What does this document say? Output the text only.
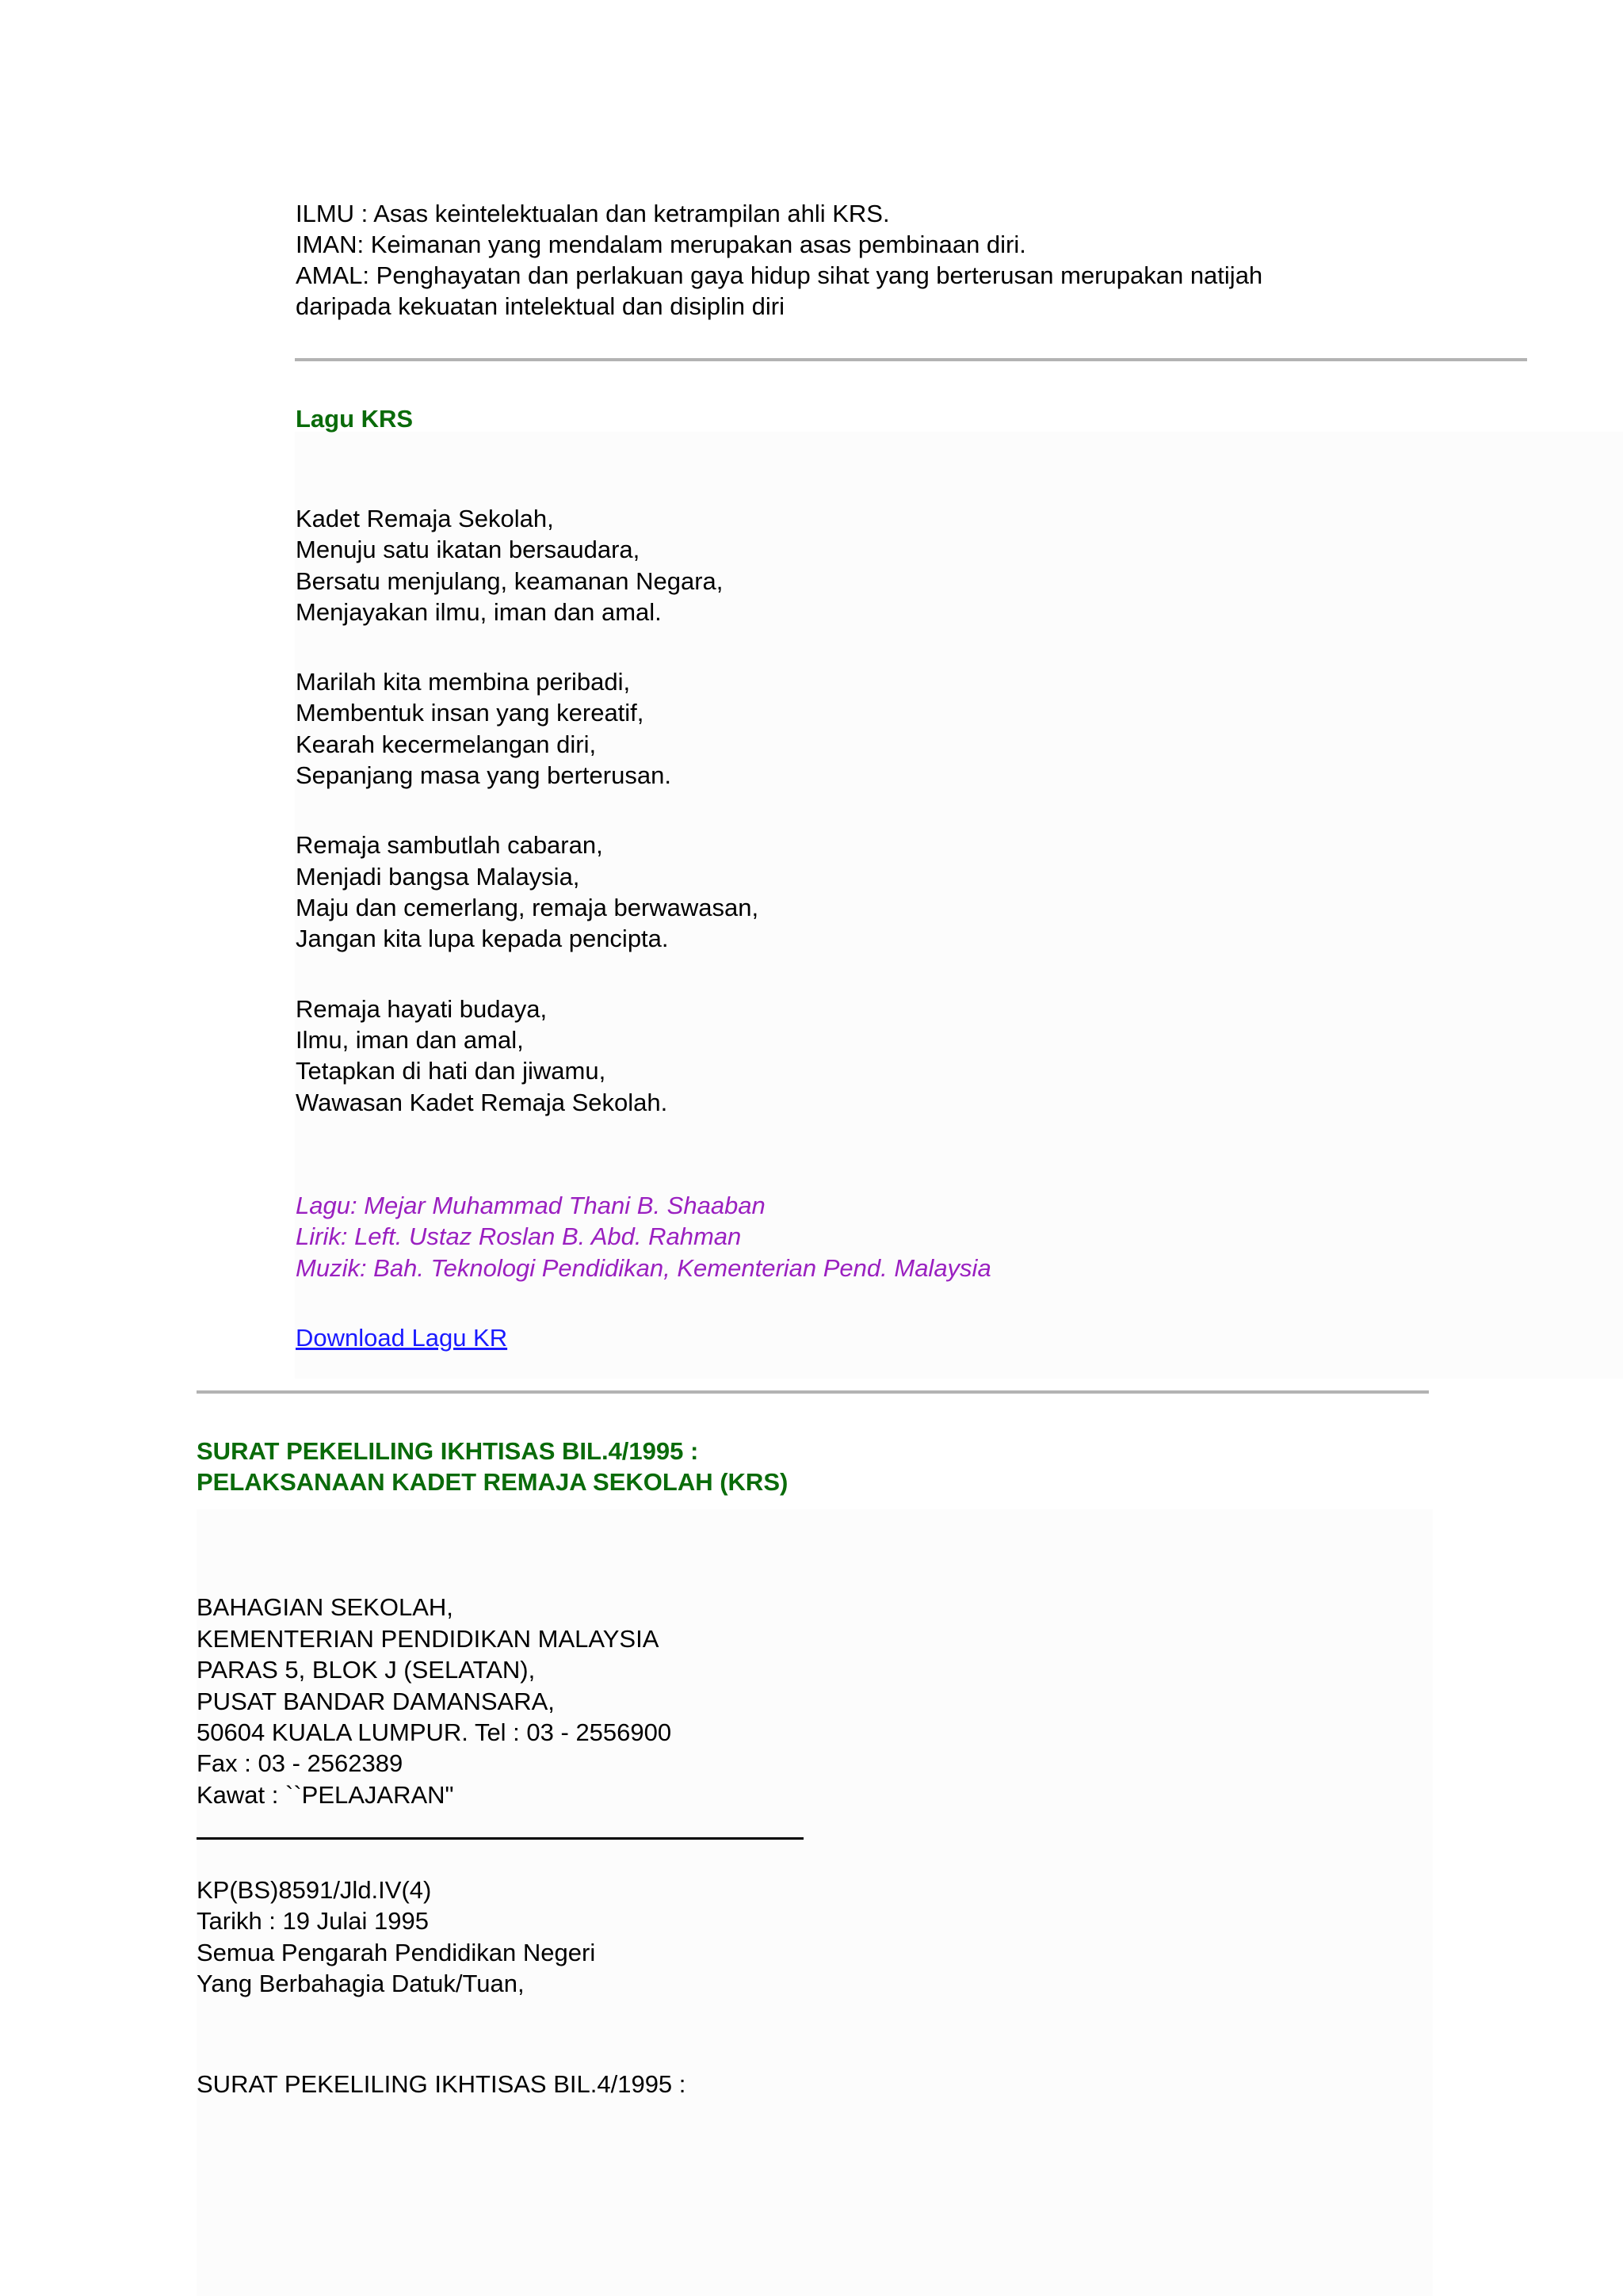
ILMU : Asas keintelektualan dan ketrampilan ahli KRS.

IMAN: Keimanan yang mendalam merupakan asas pembinaan diri.

AMAL: Penghayatan dan perlakuan gaya hidup sihat yang berterusan merupakan natijah

daripada kekuatan intelektual dan disiplin diri

Lagu KRS

Kadet Remaja Sekolah,

Menuju satu ikatan bersaudara,

Bersatu menjulang, keamanan Negara,

Menjayakan ilmu, iman dan amal.

Marilah kita membina peribadi,

Membentuk insan yang kereatif,

Kearah kecermelangan diri,

Sepanjang masa yang berterusan.

Remaja sambutlah cabaran,

Menjadi bangsa Malaysia,

Maju dan cemerlang, remaja berwawasan,

Jangan kita lupa kepada pencipta.

Remaja hayati budaya,

Ilmu, iman dan amal,

Tetapkan di hati dan jiwamu,

Wawasan Kadet Remaja Sekolah.

Lagu: Mejar Muhammad Thani B. Shaaban

Lirik: Left. Ustaz Roslan B. Abd. Rahman

Muzik: Bah. Teknologi Pendidikan, Kementerian Pend. Malaysia

Download Lagu KR

SURAT PEKELILING IKHTISAS BIL.4/1995 :

PELAKSANAAN KADET REMAJA SEKOLAH (KRS)

BAHAGIAN SEKOLAH,

KEMENTERIAN PENDIDIKAN MALAYSIA

PARAS 5, BLOK J (SELATAN),

PUSAT BANDAR DAMANSARA,

50604 KUALA LUMPUR. Tel : 03 - 2556900

Fax : 03 - 2562389

Kawat : ``PELAJARAN"

KP(BS)8591/Jld.IV(4)

Tarikh : 19 Julai 1995

Semua Pengarah Pendidikan Negeri

Yang Berbahagia Datuk/Tuan,

SURAT PEKELILING IKHTISAS BIL.4/1995 :
